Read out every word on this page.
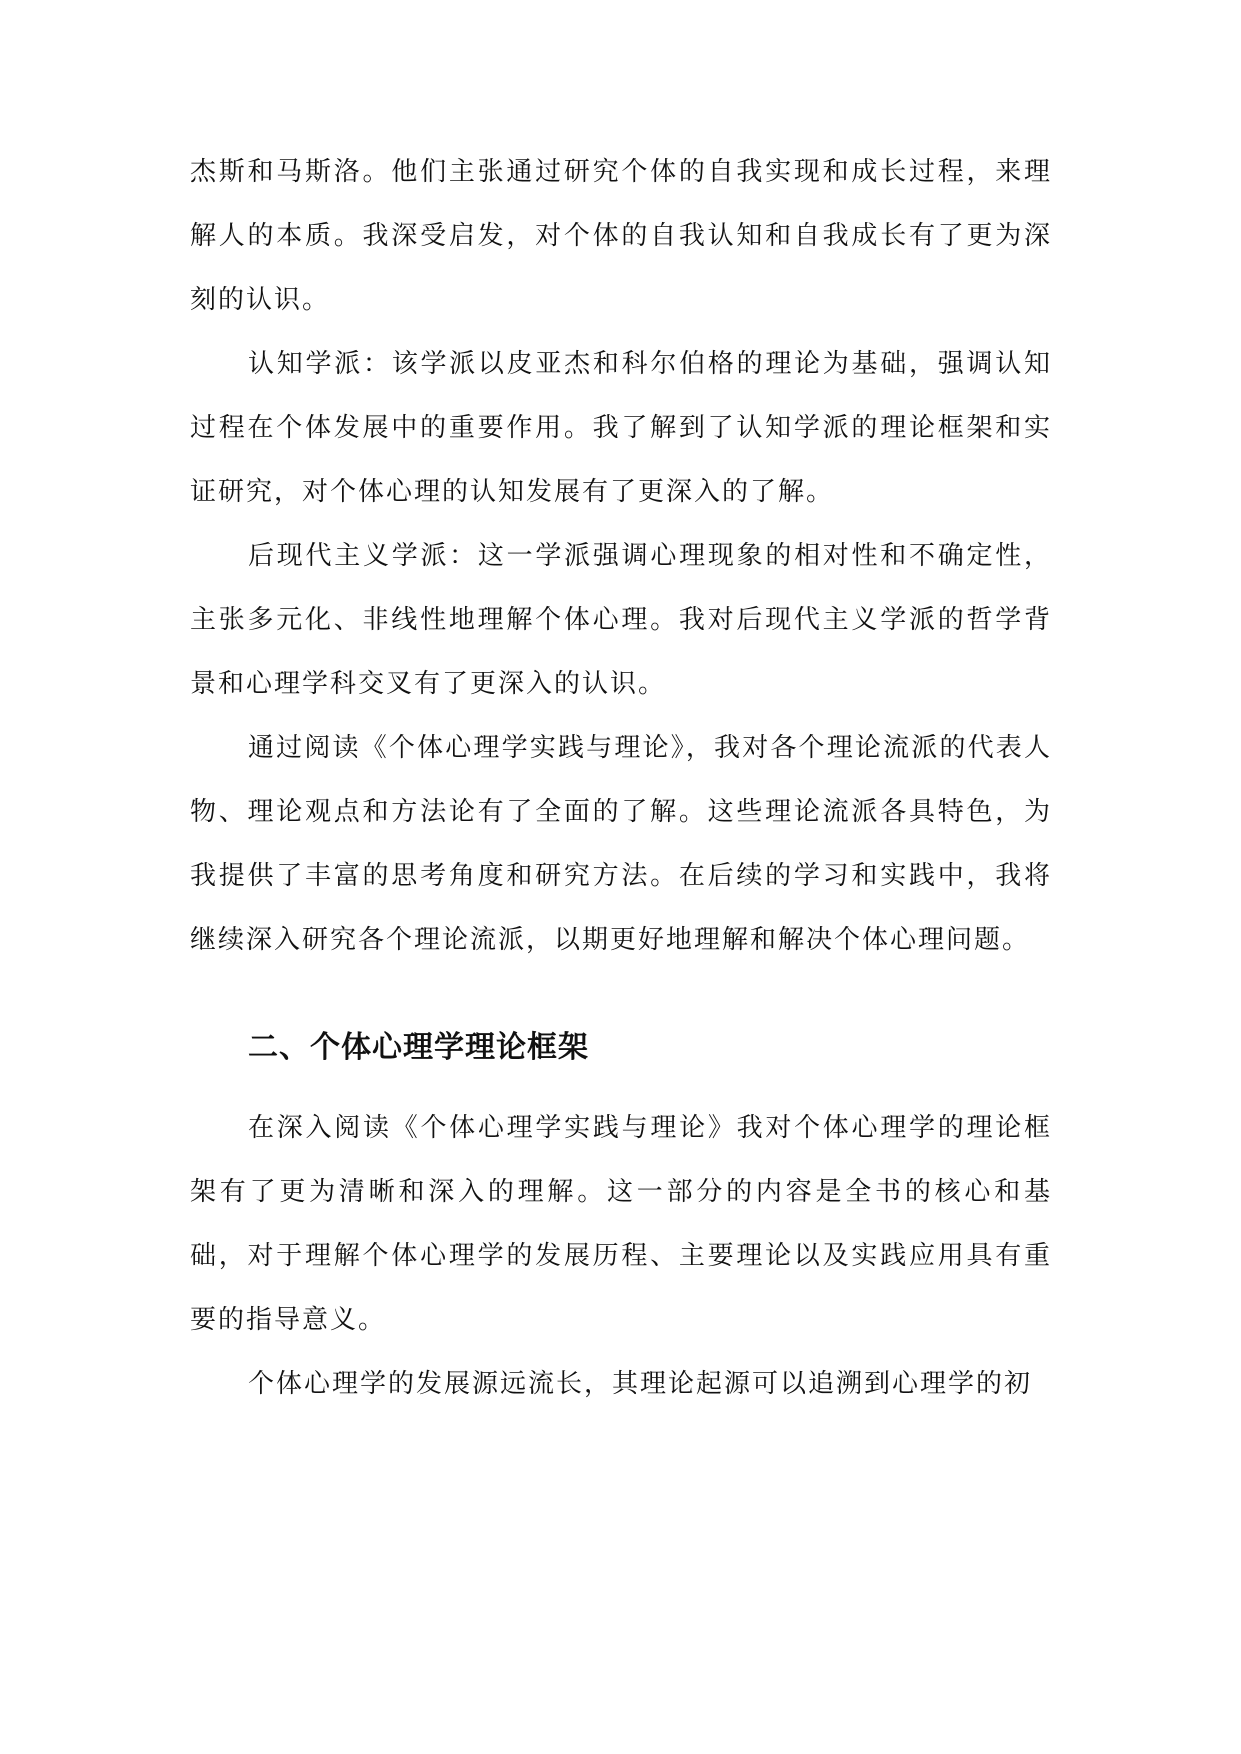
杰斯和马斯洛。他们主张通过研究个体的自我实现和成长过程，来理解人的本质。我深受启发，对个体的自我认知和自我成长有了更为深刻的认识。

认知学派：该学派以皮亚杰和科尔伯格的理论为基础，强调认知过程在个体发展中的重要作用。我了解到了认知学派的理论框架和实证研究，对个体心理的认知发展有了更深入的了解。

后现代主义学派：这一学派强调心理现象的相对性和不确定性，主张多元化、非线性地理解个体心理。我对后现代主义学派的哲学背景和心理学科交叉有了更深入的认识。

通过阅读《个体心理学实践与理论》，我对各个理论流派的代表人物、理论观点和方法论有了全面的了解。这些理论流派各具特色，为我提供了丰富的思考角度和研究方法。在后续的学习和实践中，我将继续深入研究各个理论流派，以期更好地理解和解决个体心理问题。

二、个体心理学理论框架

在深入阅读《个体心理学实践与理论》我对个体心理学的理论框架有了更为清晰和深入的理解。这一部分的内容是全书的核心和基础，对于理解个体心理学的发展历程、主要理论以及实践应用具有重要的指导意义。

个体心理学的发展源远流长，其理论起源可以追溯到心理学的初
